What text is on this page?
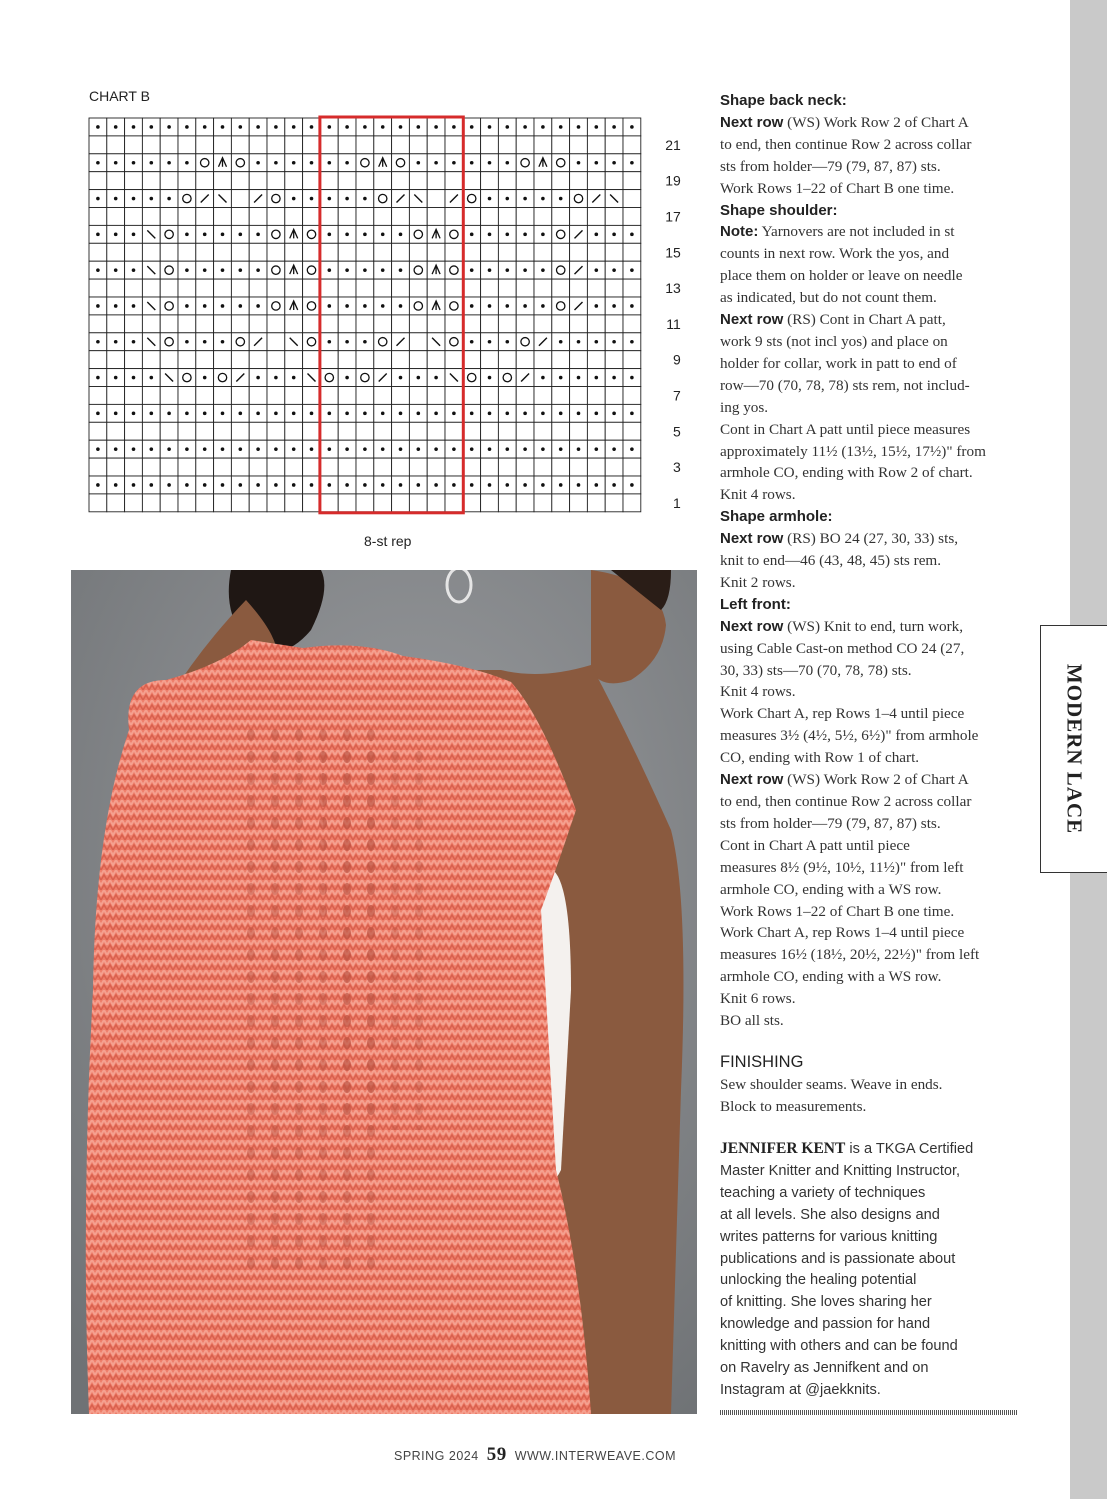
MODERN LACE
CHART B
21
19
17
15
13
11
9
7
5
3
1
8-st rep

Shape back neck:

Next row (WS) Work Row 2 of Chart A

to end, then continue Row 2 across collar

sts from holder—79 (79, 87, 87) sts.

Work Rows 1–22 of Chart B one time.

Shape shoulder:

Note: Yarnovers are not included in st

counts in next row. Work the yos, and

place them on holder or leave on needle

as indicated, but do not count them.

Next row (RS) Cont in Chart A patt,

work 9 sts (not incl yos) and place on

holder for collar, work in patt to end of

row—70 (70, 78, 78) sts rem, not includ-

ing yos.

Cont in Chart A patt until piece measures

approximately 11½ (13½, 15½, 17½)" from

armhole CO, ending with Row 2 of chart.

Knit 4 rows.

Shape armhole:

Next row (RS) BO 24 (27, 30, 33) sts,

knit to end—46 (43, 48, 45) sts rem.

Knit 2 rows.

Left front:

Next row (WS) Knit to end, turn work,

using Cable Cast-on method CO 24 (27,

30, 33) sts—70 (70, 78, 78) sts.

Knit 4 rows.

Work Chart A, rep Rows 1–4 until piece

measures 3½ (4½, 5½, 6½)" from armhole

CO, ending with Row 1 of chart.

Next row (WS) Work Row 2 of Chart A

to end, then continue Row 2 across collar

sts from holder—79 (79, 87, 87) sts.

Cont in Chart A patt until piece

measures 8½ (9½, 10½, 11½)" from left

armhole CO, ending with a WS row.

Work Rows 1–22 of Chart B one time.

Work Chart A, rep Rows 1–4 until piece

measures 16½ (18½, 20½, 22½)" from left

armhole CO, ending with a WS row.

Knit 6 rows.

BO all sts.

FINISHING

Sew shoulder seams. Weave in ends.

Block to measurements.

JENNIFER KENT is a TKGA Certified

Master Knitter and Knitting Instructor,

teaching a variety of techniques

at all levels. She also designs and

writes patterns for various knitting

publications and is passionate about

unlocking the healing potential

of knitting. She loves sharing her

knowledge and passion for hand

knitting with others and can be found

on Ravelry as Jennifkent and on

Instagram at @jaekknits.

SPRING 2024 59 WWW.INTERWEAVE.COM
